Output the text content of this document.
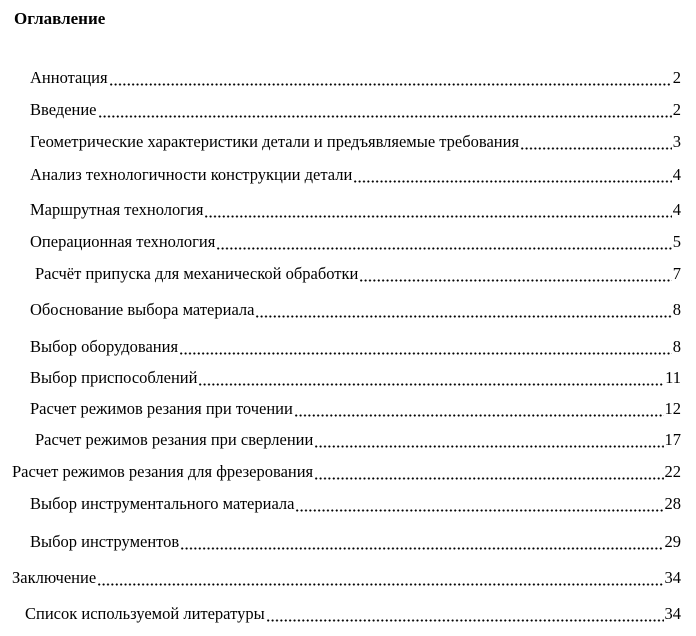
Оглавление
Аннотация	2
Введение	2
Геометрические характеристики детали и предъявляемые требования	3
Анализ технологичности конструкции детали	4
Маршрутная технология	4
Операционная технология	5
Расчёт припуска для механической обработки	7
Обоснование выбора материала	8
Выбор оборудования	8
Выбор приспособлений	11
Расчет режимов резания при точении	12
Расчет режимов резания при сверлении	17
Расчет режимов резания для фрезерования	22
Выбор инструментального материала	28
Выбор инструментов	29
Заключение	34
Список используемой литературы	34
